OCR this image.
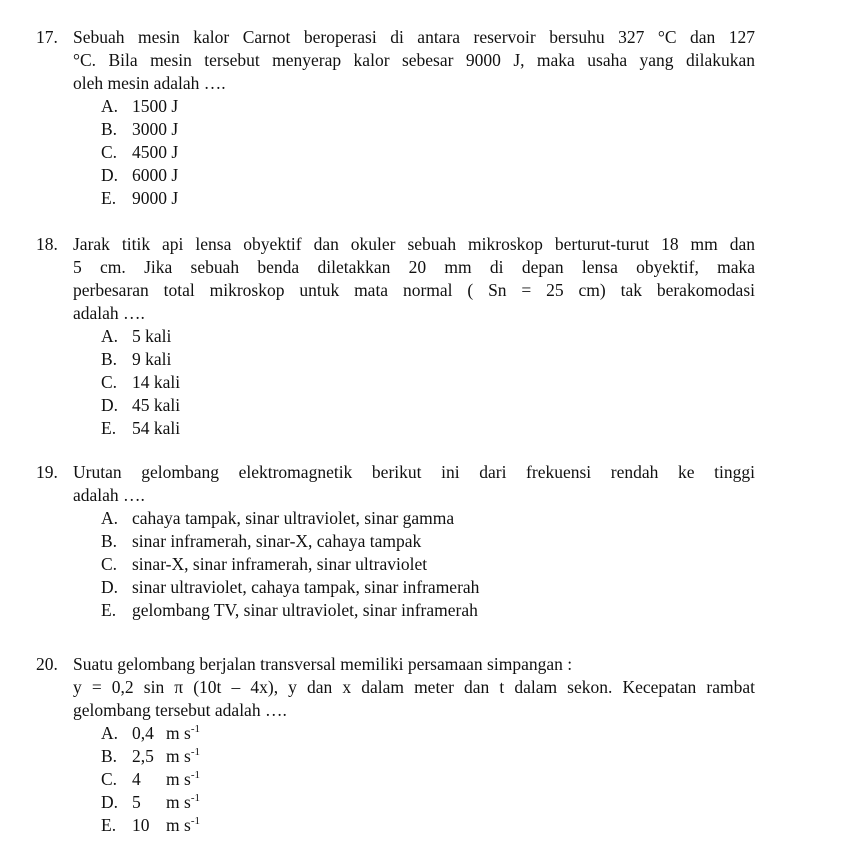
17. Sebuah mesin kalor Carnot beroperasi di antara reservoir bersuhu 327 °C dan 127
°C. Bila mesin tersebut menyerap kalor sebesar 9000 J, maka usaha yang dilakukan
oleh mesin adalah ….
A. 1500 J
B. 3000 J
C. 4500 J
D. 6000 J
E. 9000 J
18. Jarak titik api lensa obyektif dan okuler sebuah mikroskop berturut-turut 18 mm dan
5 cm. Jika sebuah benda diletakkan 20 mm di depan lensa obyektif, maka
perbesaran total mikroskop untuk mata normal ( Sn = 25 cm) tak berakomodasi
adalah ….
A. 5 kali
B. 9 kali
C. 14 kali
D. 45 kali
E. 54 kali
19. Urutan gelombang elektromagnetik berikut ini dari frekuensi rendah ke tinggi
adalah ….
A. cahaya tampak, sinar ultraviolet, sinar gamma
B. sinar inframerah, sinar-X, cahaya tampak
C. sinar-X, sinar inframerah, sinar ultraviolet
D. sinar ultraviolet, cahaya tampak, sinar inframerah
E. gelombang TV, sinar ultraviolet, sinar inframerah
20. Suatu gelombang berjalan transversal memiliki persamaan simpangan :
y = 0,2 sin π (10t – 4x), y dan x dalam meter dan t dalam sekon. Kecepatan rambat
gelombang tersebut adalah ….
A. 0,4 m $s^{-1}$
B. 2,5 m $s^{-1}$
C. 4 m $s^{-1}$
D. 5 m $s^{-1}$
E. 10 m $s^{-1}$
